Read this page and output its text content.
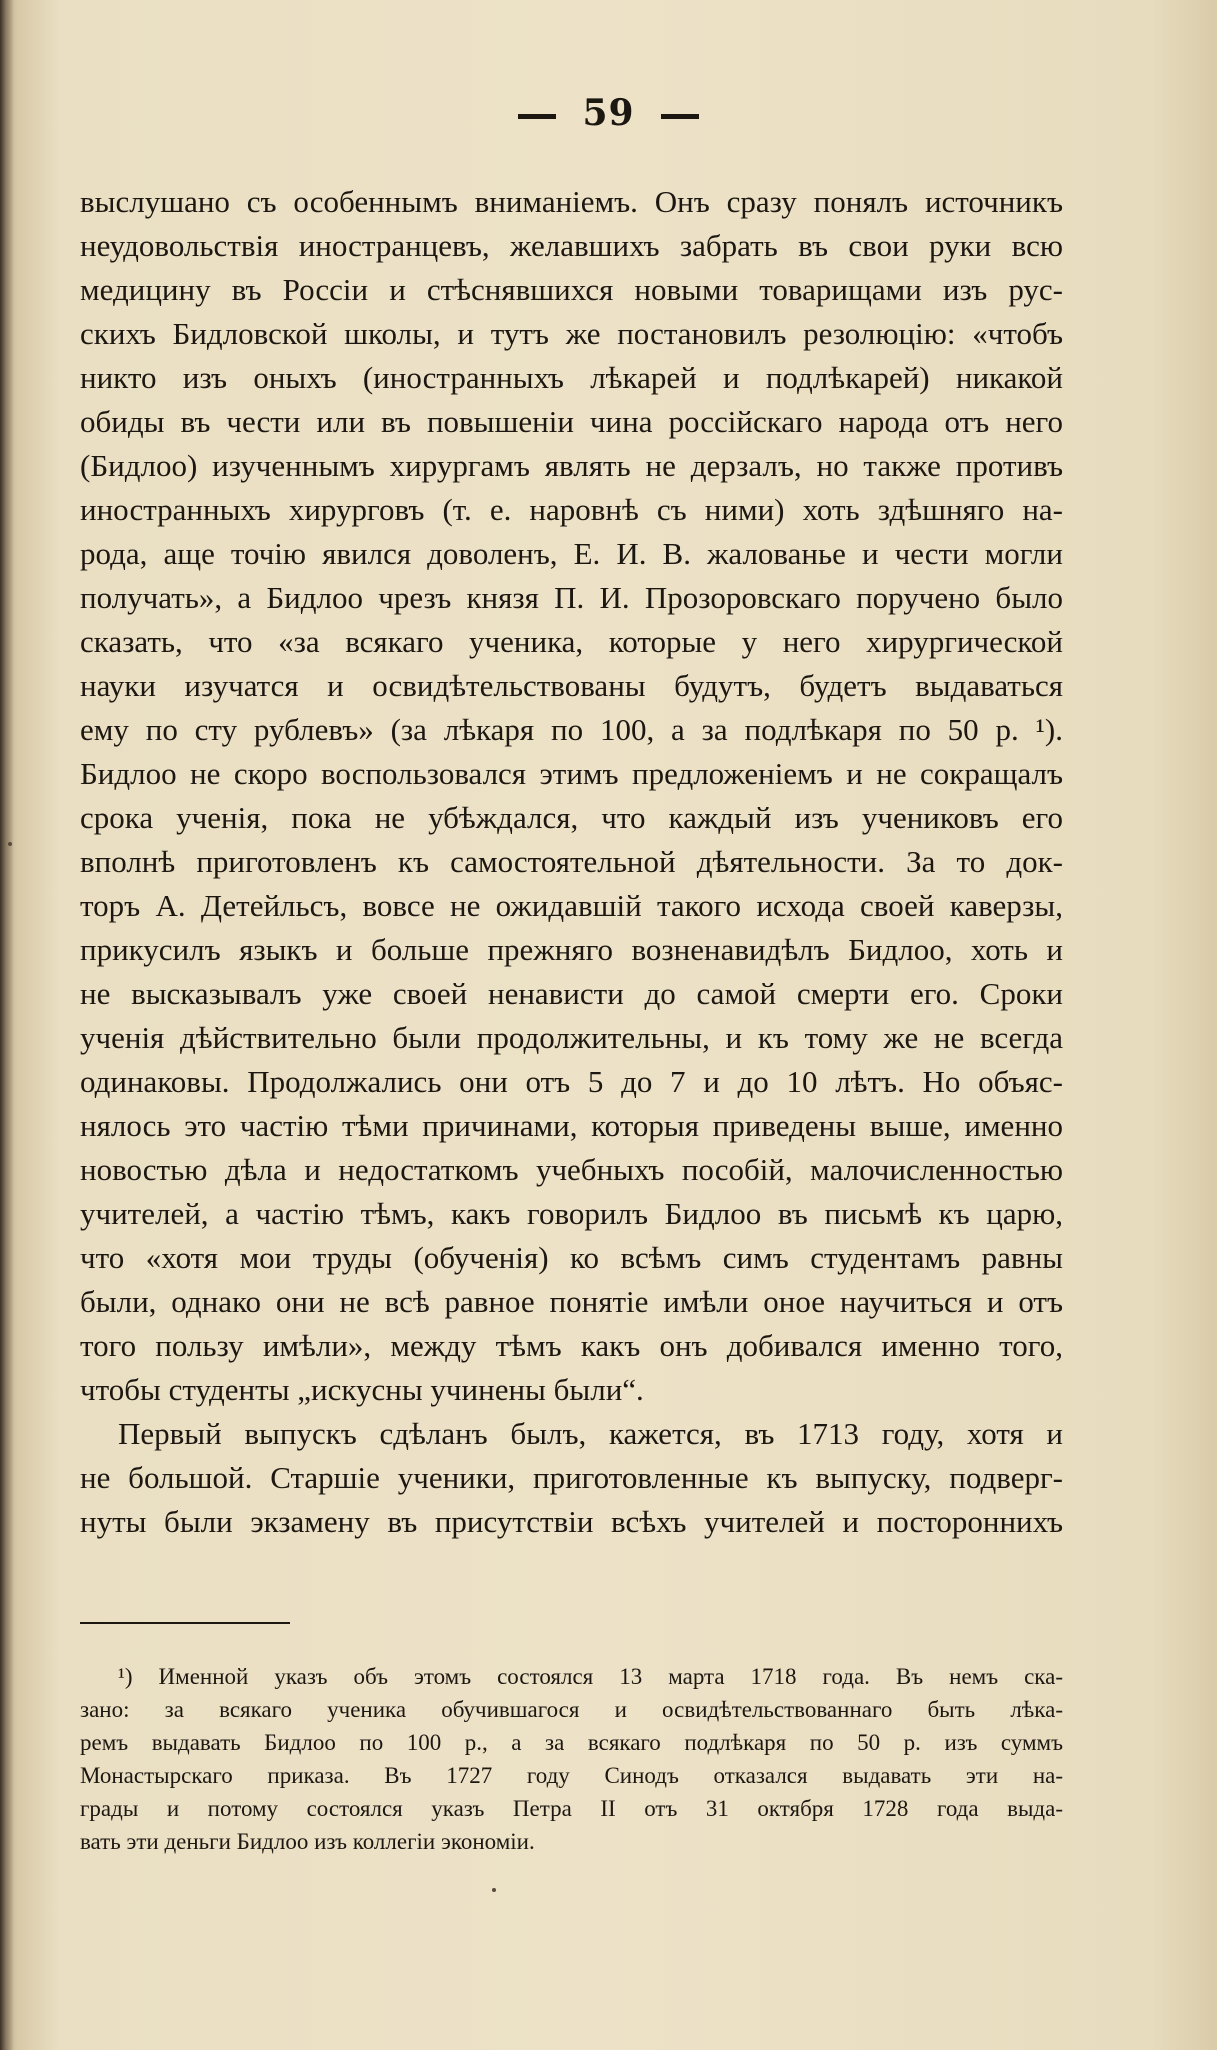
59
выслушано съ особеннымъ вниманіемъ. Онъ сразу понялъ источникъ
неудовольствія иностранцевъ, желавшихъ забрать въ свои руки всю
медицину въ Россіи и стѣснявшихся новыми товарищами изъ рус-
скихъ Бидловской школы, и тутъ же постановилъ резолюцію: «чтобъ
никто изъ оныхъ (иностранныхъ лѣкарей и подлѣкарей) никакой
обиды въ чести или въ повышеніи чина россійскаго народа отъ него
(Бидлоо) изученнымъ хирургамъ являть не дерзалъ, но также противъ
иностранныхъ хирурговъ (т. е. наровнѣ съ ними) хоть здѣшняго на-
рода, аще точію явился доволенъ, Е. И. В. жалованье и чести могли
получать», а Бидлоо чрезъ князя П. И. Прозоровскаго поручено было
сказать, что «за всякаго ученика, которые у него хирургической
науки изучатся и освидѣтельствованы будутъ, будетъ выдаваться
ему по сту рублевъ» (за лѣкаря по 100, а за подлѣкаря по 50 р. ¹).
Бидлоо не скоро воспользовался этимъ предложеніемъ и не сокращалъ
срока ученія, пока не убѣждался, что каждый изъ учениковъ его
вполнѣ приготовленъ къ самостоятельной дѣятельности. За то док-
торъ А. Детейльсъ, вовсе не ожидавшій такого исхода своей каверзы,
прикусилъ языкъ и больше прежняго возненавидѣлъ Бидлоо, хоть и
не высказывалъ уже своей ненависти до самой смерти его. Сроки
ученія дѣйствительно были продолжительны, и къ тому же не всегда
одинаковы. Продолжались они отъ 5 до 7 и до 10 лѣтъ. Но объяс-
нялось это частію тѣми причинами, которыя приведены выше, именно
новостью дѣла и недостаткомъ учебныхъ пособій, малочисленностью
учителей, а частію тѣмъ, какъ говорилъ Бидлоо въ письмѣ къ царю,
что «хотя мои труды (обученія) ко всѣмъ симъ студентамъ равны
были, однако они не всѣ равное понятіе имѣли оное научиться и отъ
того пользу имѣли», между тѣмъ какъ онъ добивался именно того,
чтобы студенты „искусны учинены были“.
Первый выпускъ сдѣланъ былъ, кажется, въ 1713 году, хотя и
не большой. Старшіе ученики, приготовленные къ выпуску, подверг-
нуты были экзамену въ присутствіи всѣхъ учителей и постороннихъ
¹) Именной указъ объ этомъ состоялся 13 марта 1718 года. Въ немъ ска-
зано: за всякаго ученика обучившагося и освидѣтельствованнаго быть лѣка-
ремъ выдавать Бидлоо по 100 р., а за всякаго подлѣкаря по 50 р. изъ суммъ
Монастырскаго приказа. Въ 1727 году Синодъ отказался выдавать эти на-
грады и потому состоялся указъ Петра II отъ 31 октября 1728 года выда-
вать эти деньги Бидлоо изъ коллегіи экономіи.
